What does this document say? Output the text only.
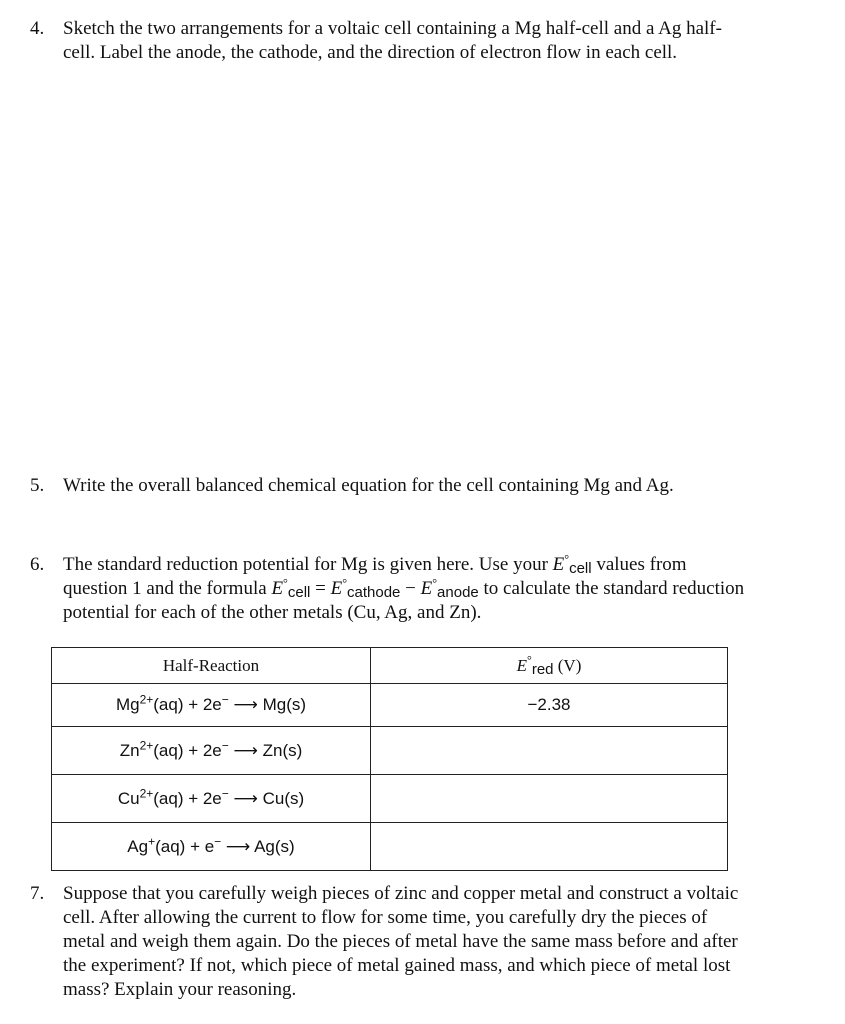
4. Sketch the two arrangements for a voltaic cell containing a Mg half-cell and a Ag half-
cell. Label the anode, the cathode, and the direction of electron flow in each cell.
5. Write the overall balanced chemical equation for the cell containing Mg and Ag.
6. The standard reduction potential for Mg is given here. Use your $E^\circ_{cell}$ values from
question 1 and the formula $E^\circ_{cell} = E^\circ_{cathode} - E^\circ_{anode}$ to calculate the standard reduction
potential for each of the other metals (Cu, Ag, and Zn).
Half-Reaction	E°red (V)
$Mg^{2+}(aq) + 2e^-$ ⟶ Mg(s)	−2.38
$Zn^{2+}(aq) + 2e^-$ ⟶ Zn(s)	
$Cu^{2+}(aq) + 2e^-$ ⟶ Cu(s)	
Ag+(aq) + e− ⟶ Ag(s)	
7. Suppose that you carefully weigh pieces of zinc and copper metal and construct a voltaic
cell. After allowing the current to flow for some time, you carefully dry the pieces of
metal and weigh them again. Do the pieces of metal have the same mass before and after
the experiment? If not, which piece of metal gained mass, and which piece of metal lost
mass? Explain your reasoning.
